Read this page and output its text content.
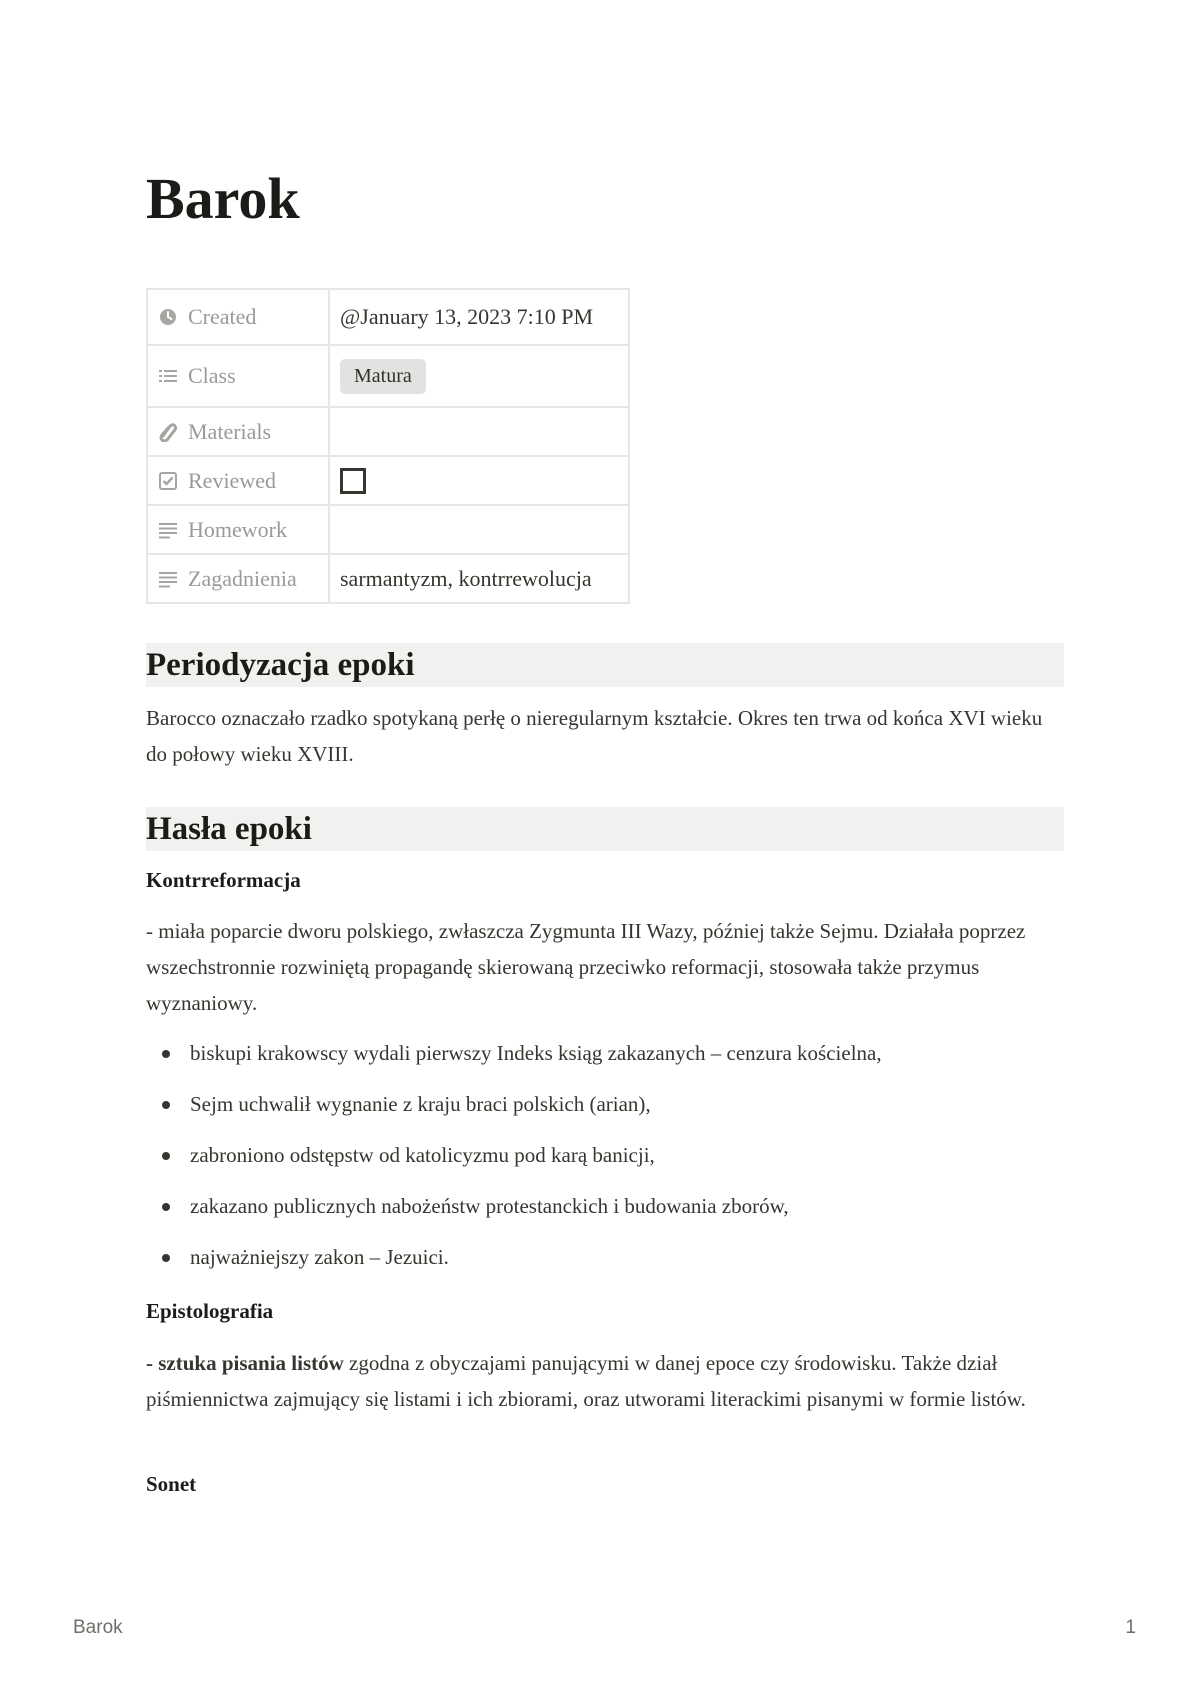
Barok
Created	@January 13, 2023 7:10 PM

Class	Matura

Materials	

Reviewed	

Homework	

Zagadnienia	sarmantyzm, kontrrewolucja
Periodyzacja epoki

Barocco oznaczało rzadko spotykaną perłę o nieregularnym kształcie. Okres ten trwa od końca XVI wieku do połowy wieku XVIII.

Hasła epoki
Kontrreformacja

- miała poparcie dworu polskiego, zwłaszcza Zygmunta III Wazy, później także Sejmu. Działała poprzez wszechstronnie rozwiniętą propagandę skierowaną przeciwko reformacji, stosowała także przymus wyznaniowy.

biskupi krakowscy wydali pierwszy Indeks ksiąg zakazanych – cenzura kościelna,
Sejm uchwalił wygnanie z kraju braci polskich (arian),
zabroniono odstępstw od katolicyzmu pod karą banicji,
zakazano publicznych nabożeństw protestanckich i budowania zborów,
najważniejszy zakon – Jezuici.
Epistolografia

- sztuka pisania listów zgodna z obyczajami panującymi w danej epoce czy środowisku. Także dział piśmiennictwa zajmujący się listami i ich zbiorami, oraz utworami literackimi pisanymi w formie listów.

Sonet
Barok	1
